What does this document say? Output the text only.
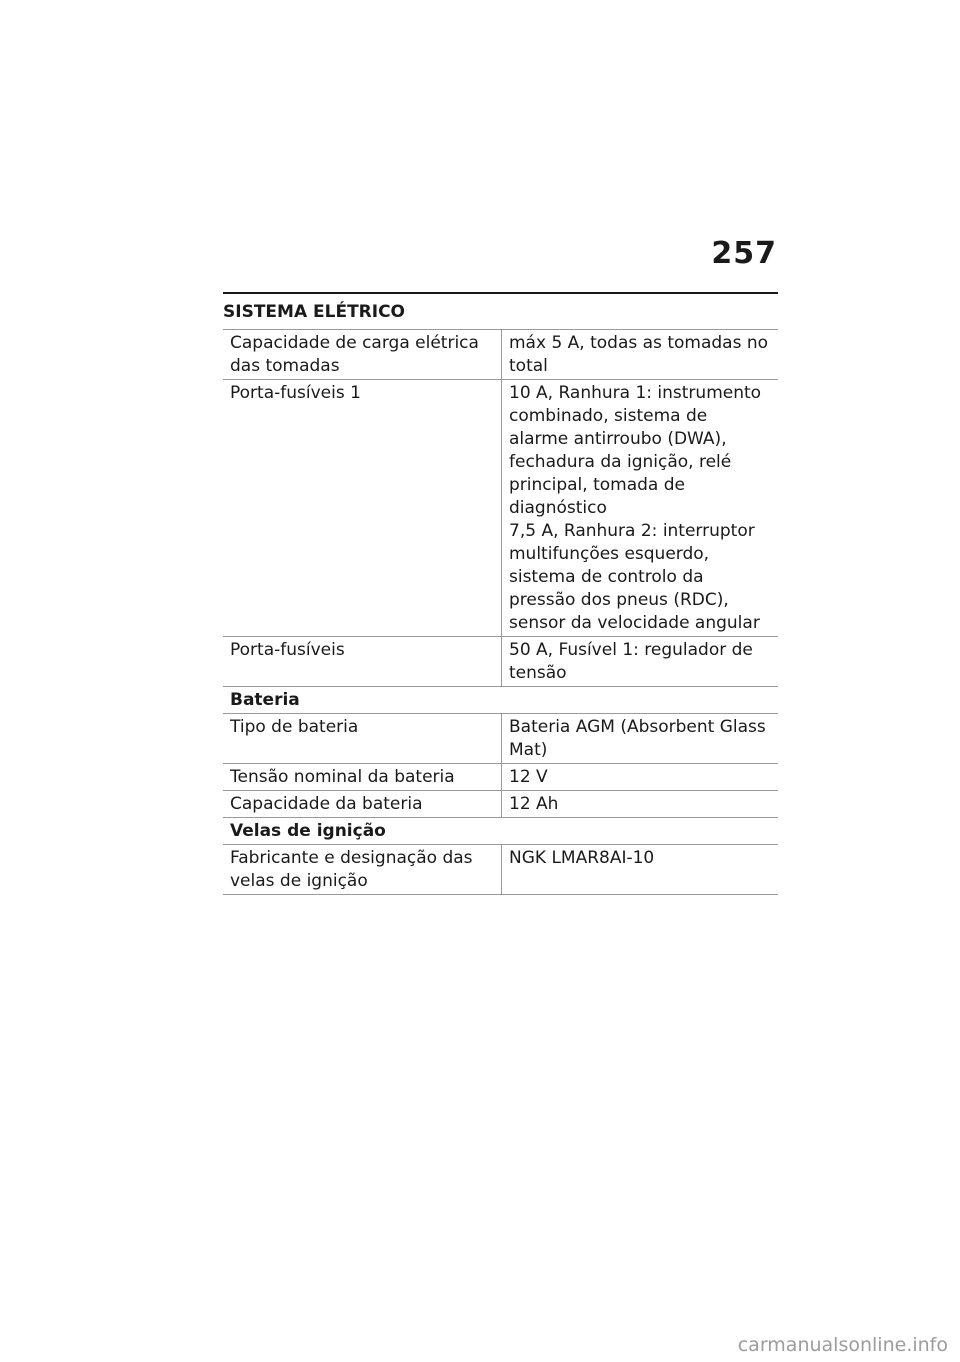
257
SISTEMA ELÉTRICO
Capacidade de carga elétrica das tomadas	máx 5 A, todas as tomadas no total

Porta-fusíveis 1	10 A, Ranhura 1: instrumento combinado, sistema de alarme antirroubo (DWA), fechadura da ignição, relé principal, tomada de diagnóstico
7,5 A, Ranhura 2: interruptor multifunções esquerdo, sistema de controlo da pressão dos pneus (RDC), sensor da velocidade angular

Porta-fusíveis	50 A, Fusível 1: regulador de tensão

Bateria	
Tipo de bateria	Bateria AGM (Absorbent Glass Mat)

Tensão nominal da bateria	12 V

Capacidade da bateria	12 Ah

Velas de ignição	
Fabricante e designação das velas de ignição	NGK LMAR8AI-10
carmanualsonline.info
